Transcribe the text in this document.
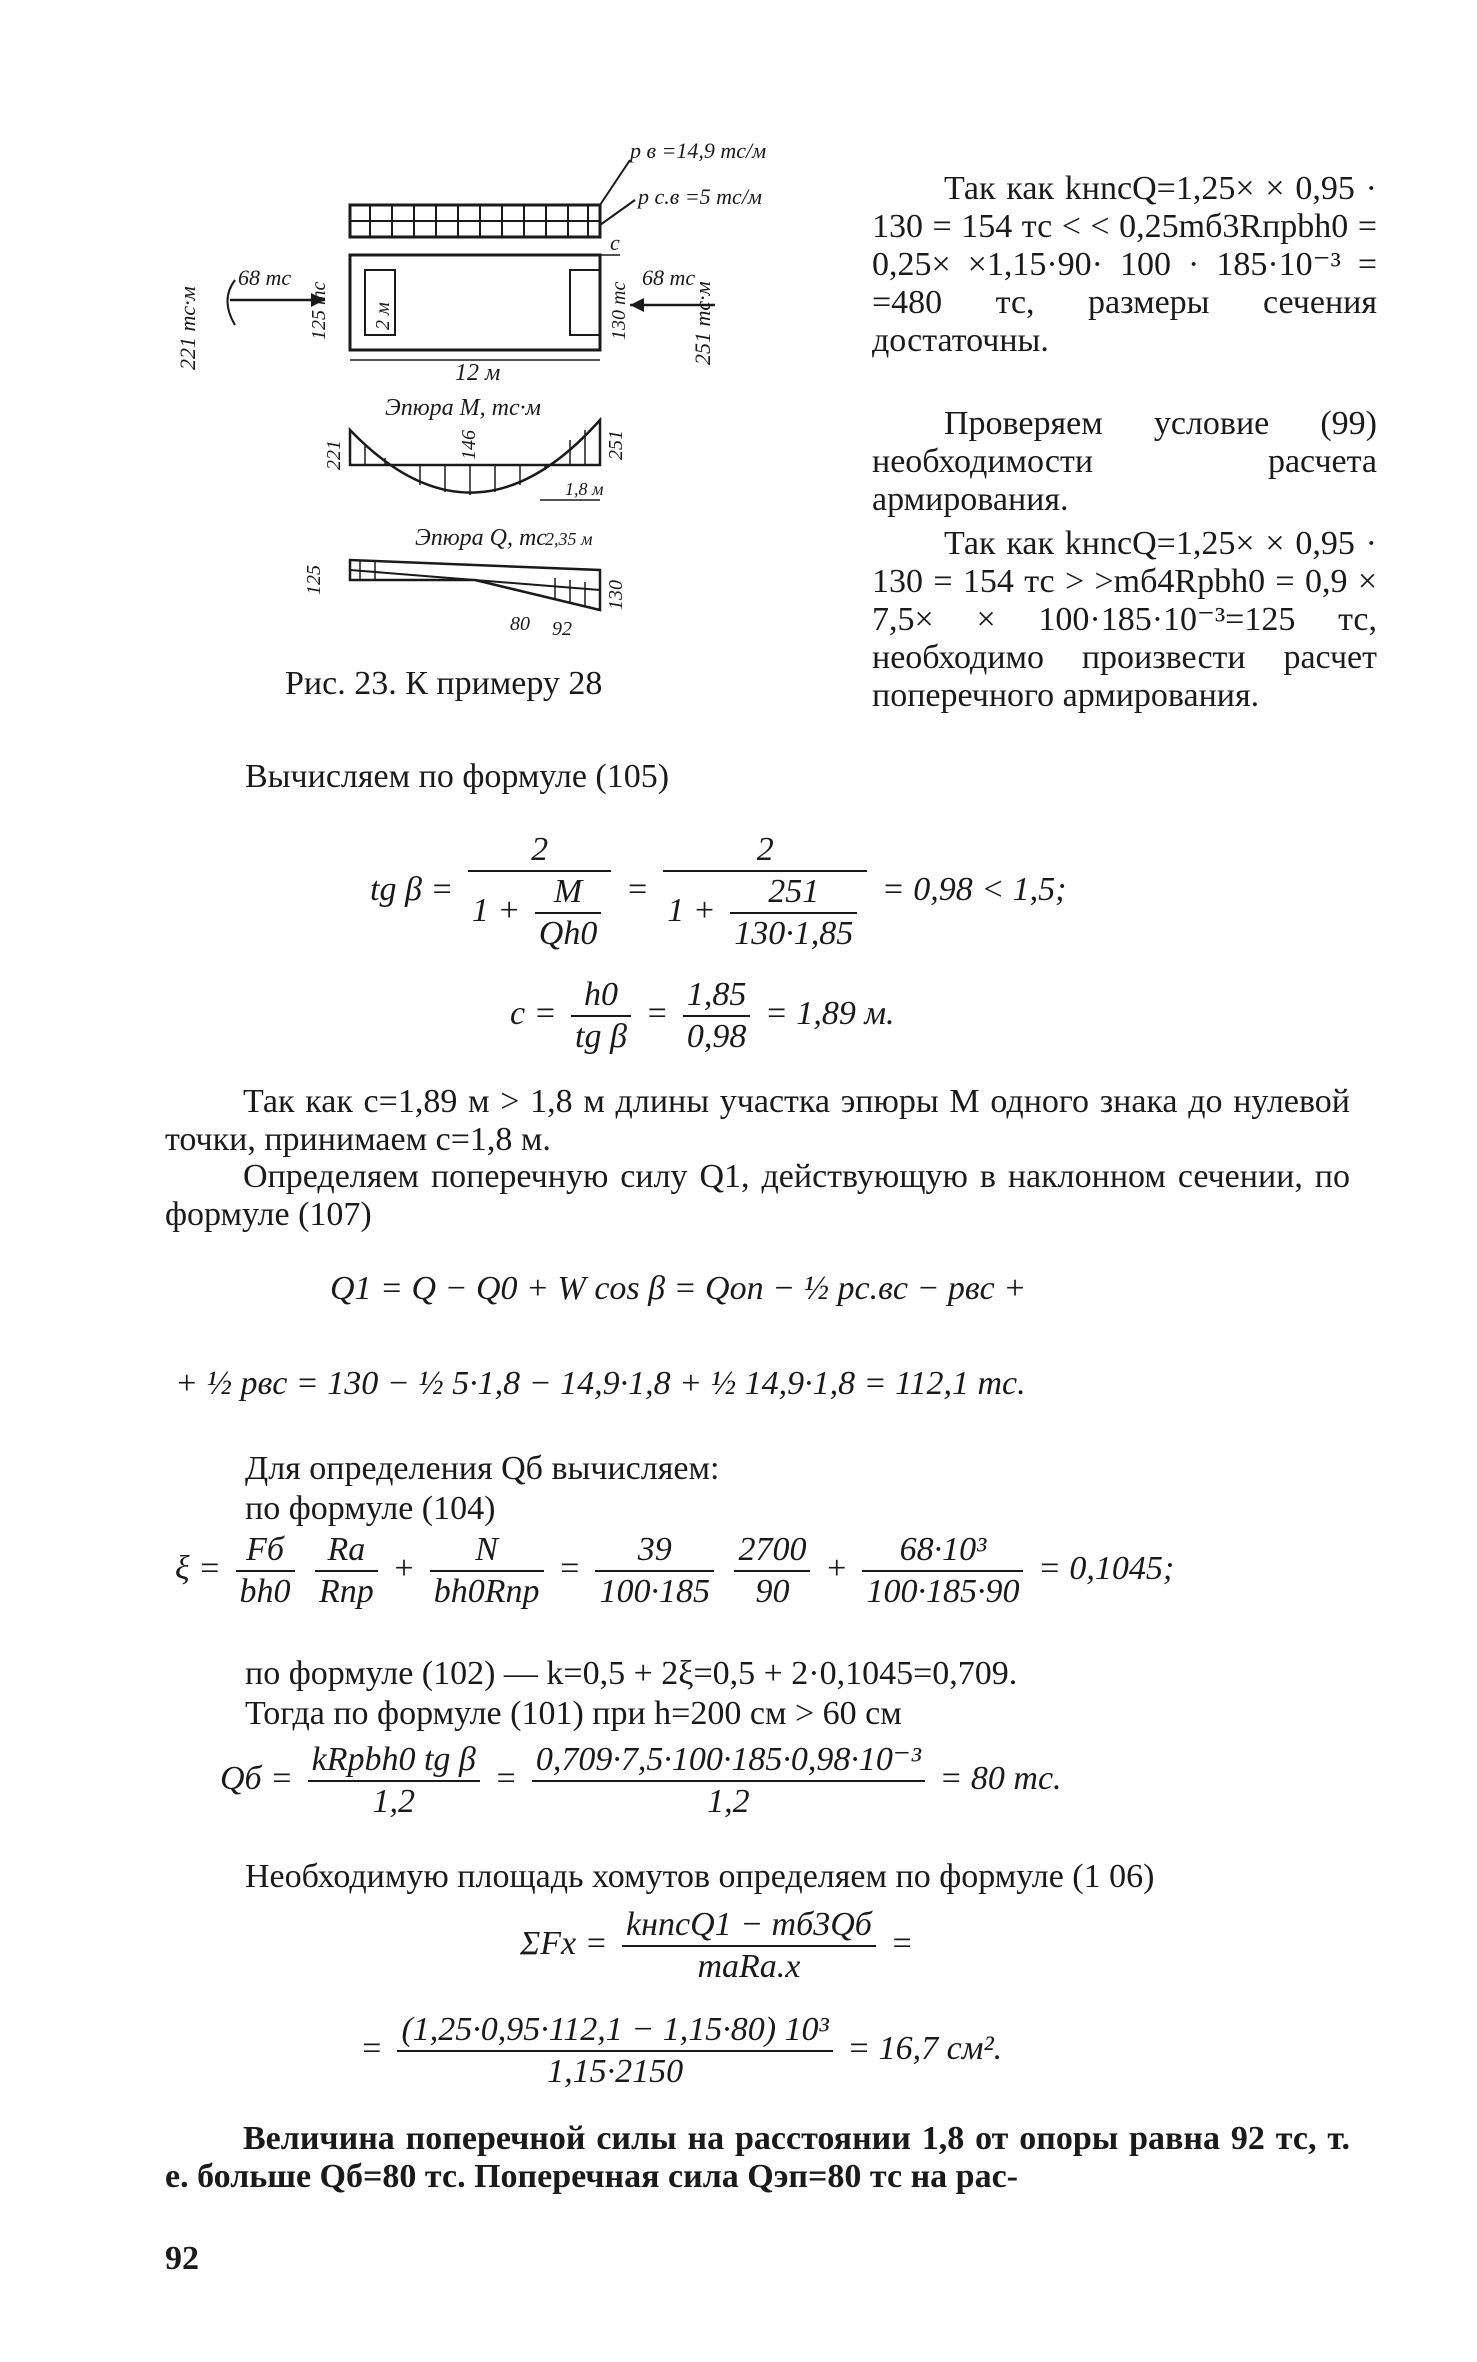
p в =14,9 тс/м
p с.в =5 тс/м
c
221 тс·м
68 тс
125 тс 2 м	130 тс
68 тс
251 тс·м
12 м
Эпюра M, тс·м
221	146	251
1,8 м
Эпюра Q, тс
2,35 м
125	130
80 92
Рис. 23. К примеру 28
Так как kнncQ=1,25× × 0,95 · 130 = 154 тс < < 0,25mб3Rпрbh0 = 0,25× ×1,15·90· 100 · 185·10⁻³ = =480 тс, размеры сечения достаточны.
Проверяем условие (99) необходимости расчета армирования.
Так как kнncQ=1,25× × 0,95 · 130 = 154 тс > >mб4Rpbh0 = 0,9 × 7,5× × 100·185·10⁻³=125 тс, необходимо произвести расчет поперечного армирования.
Вычисляем по формуле (105)
tg $\beta = \frac{2}{1 + \frac{M}{Qh0}} = \frac{2}{1 + \frac{251}{130\cdot 1,85}} = 0,98 < 1,5$;
$c = \frac{h0}{\text{tg β}} = \frac{1,85}{0,98} = 1,89$ м.
Так как c=1,89 м > 1,8 м длины участка эпюры M одного знака до нулевой точки, принимаем c=1,8 м.
Определяем поперечную силу Q1, действующую в наклонном сечении, по формуле (107)
Q1 = Q − Q0 + W cos β = Qоп − ½ pс.вc − pвc +
+ ½ pвc = 130 − ½ 5·1,8 − 14,9·1,8 + ½ 14,9·1,8 = 112,1 тс.
Для определения Qб вычисляем:
по формуле (104)
$\xi = \frac{Fб}{bh0}$
$\frac{Ra}{\text{Rпр}} + \frac{N}{\text{bh0Rпр}} = \frac{39}{100\cdot 185}$
$\frac{2700}{90} + \frac{\text{68·10³}}{100\cdot 185\cdot 90} = 0,1045$;
по формуле (102) — k=0,5 + 2ξ=0,5 + 2·0,1045=0,709.
Тогда по формуле (101) при h=200 см > 60 см
Qб = $\frac{\text{kRpbh0 tg β}}{1,2} = \frac{\text{0,709·7,5·100·185·0,98·10⁻³}}{1,2} = 80$ тс.
Необходимую площадь хомутов определяем по формуле (1 06)
$\Sigma Fx = \frac{\text{kнncQ1 − mб3Qб}}{\text{maRa.x}}$ =
= $\frac{\text{(1,25·0,95·112,1 − 1,15·80) 10³}}{1,15\cdot 2150} = 16,7$ см².
Величина поперечной силы на расстоянии 1,8 от опоры равна 92 тс, т. е. больше Qб=80 тс. Поперечная сила Qэп=80 тс на рас-
92
